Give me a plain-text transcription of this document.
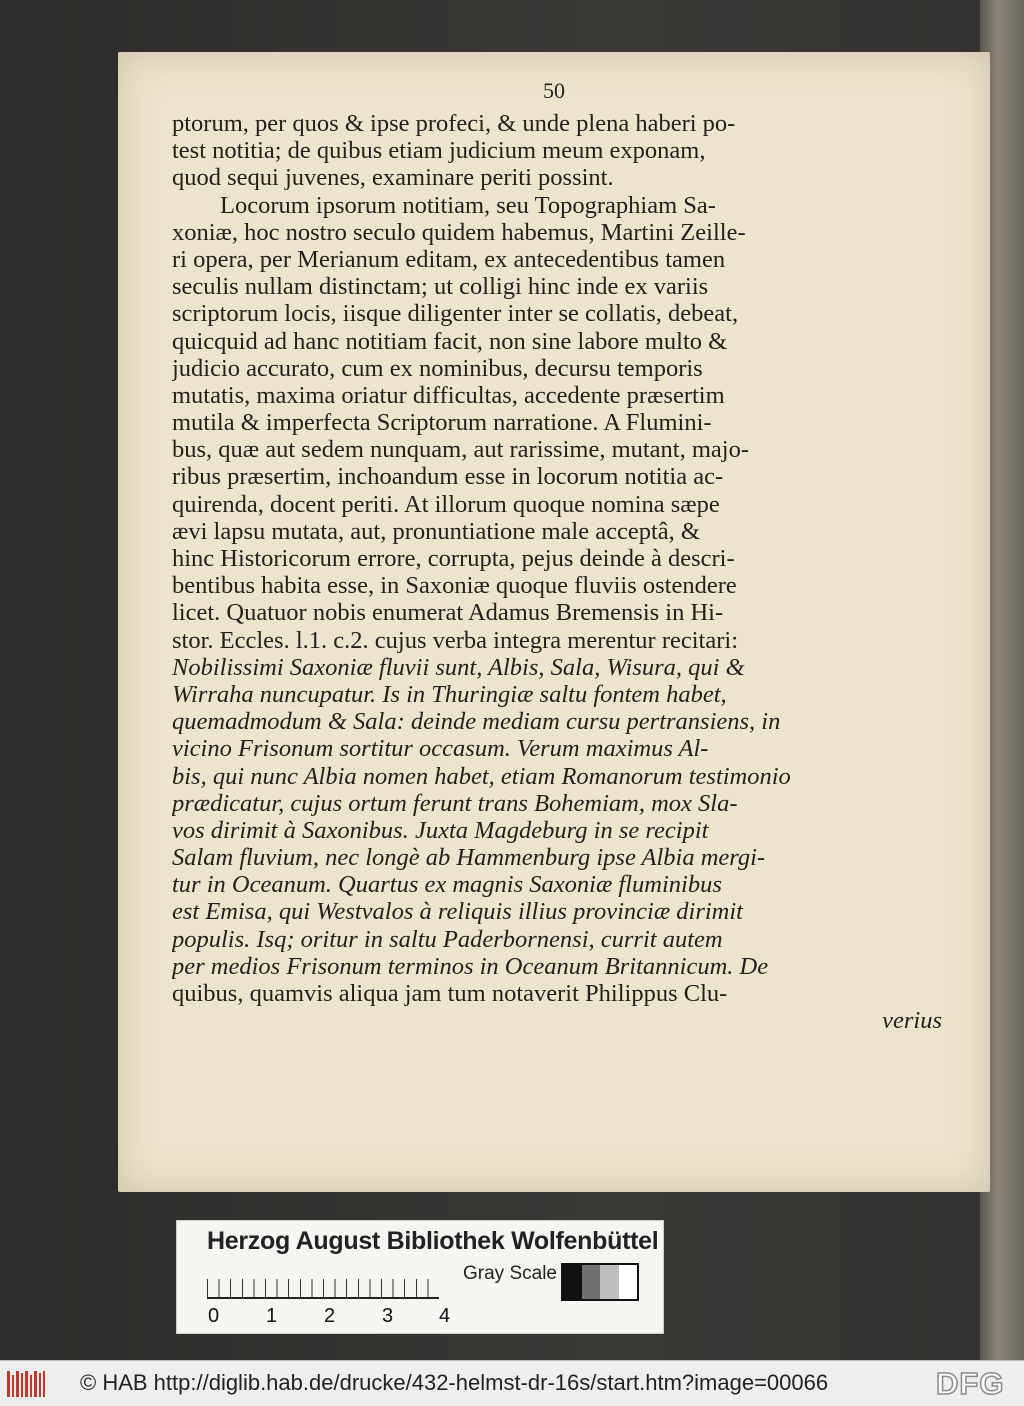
50
ptorum, per quos & ipse profeci, & unde plena haberi po-
test notitia; de quibus etiam judicium meum exponam,
quod sequi juvenes, examinare periti possint.
Locorum ipsorum notitiam, seu Topographiam Sa-
xoniæ, hoc nostro seculo quidem habemus, Martini Zeille-
ri opera, per Merianum editam, ex antecedentibus tamen
seculis nullam distinctam; ut colligi hinc inde ex variis
scriptorum locis, iisque diligenter inter se collatis, debeat,
quicquid ad hanc notitiam facit, non sine labore multo &
judicio accurato, cum ex nominibus, decursu temporis
mutatis, maxima oriatur difficultas, accedente præsertim
mutila & imperfecta Scriptorum narratione. A Flumini-
bus, quæ aut sedem nunquam, aut rarissime, mutant, majo-
ribus præsertim, inchoandum esse in locorum notitia ac-
quirenda, docent periti. At illorum quoque nomina sæpe
ævi lapsu mutata, aut, pronuntiatione male acceptâ, &
hinc Historicorum errore, corrupta, pejus deinde à descri-
bentibus habita esse, in Saxoniæ quoque fluviis ostendere
licet. Quatuor nobis enumerat Adamus Bremensis in Hi-
stor. Eccles. l.1. c.2. cujus verba integra merentur recitari:
Nobilissimi Saxoniæ fluvii sunt, Albis, Sala, Wisura, qui &
Wirraha nuncupatur. Is in Thuringiæ saltu fontem habet,
quemadmodum & Sala: deinde mediam cursu pertransiens, in
vicino Frisonum sortitur occasum. Verum maximus Al-
bis, qui nunc Albia nomen habet, etiam Romanorum testimonio
prædicatur, cujus ortum ferunt trans Bohemiam, mox Sla-
vos dirimit à Saxonibus. Juxta Magdeburg in se recipit
Salam fluvium, nec longè ab Hammenburg ipse Albia mergi-
tur in Oceanum. Quartus ex magnis Saxoniæ fluminibus
est Emisa, qui Westvalos à reliquis illius provinciæ dirimit
populis. Isq; oritur in saltu Paderbornensi, currit autem
per medios Frisonum terminos in Oceanum Britannicum. De
quibus, quamvis aliqua jam tum notaverit Philippus Clu-
verius
Herzog August Bibliothek Wolfenbüttel
0 1 2 3 4
Gray Scale
© HAB http://diglib.hab.de/drucke/432-helmst-dr-16s/start.htm?image=00066	DFG
